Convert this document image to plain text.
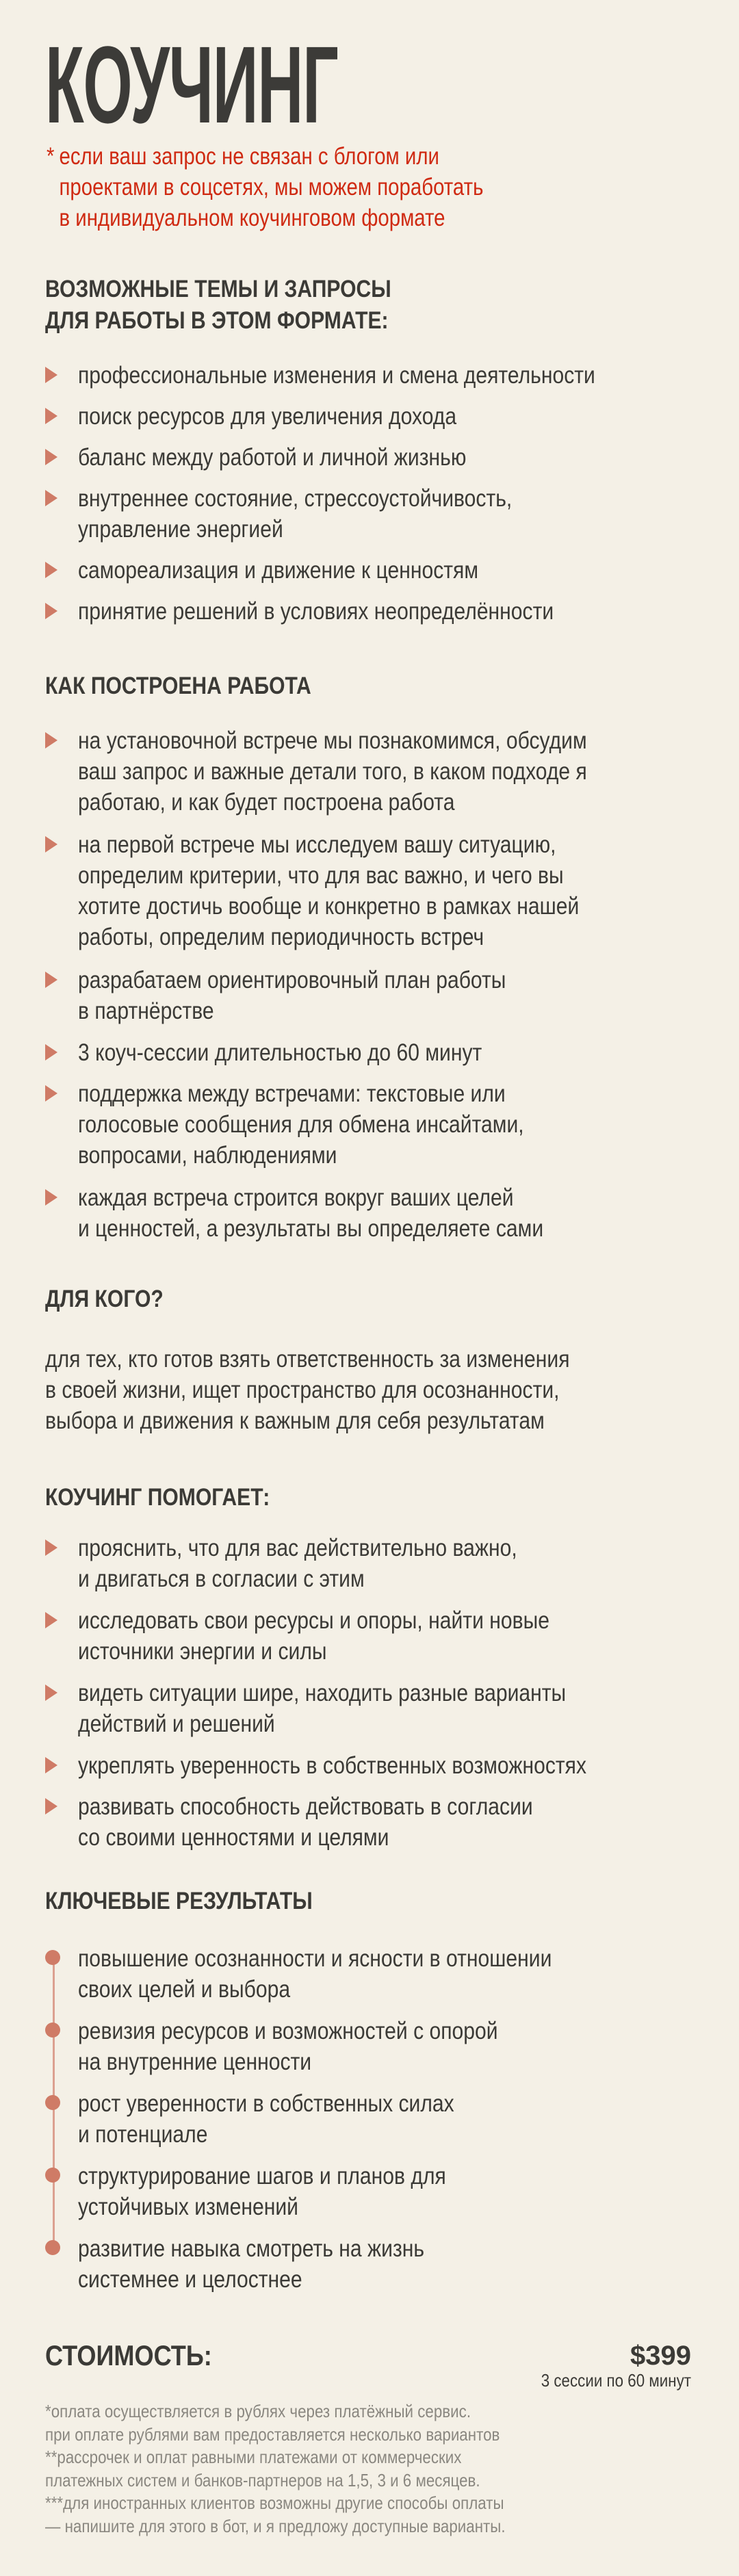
КОУЧИНГ
* если ваш запрос не связан с блогом или
проектами в соцсетях, мы можем поработать
в индивидуальном коучинговом формате
ВОЗМОЖНЫЕ ТЕМЫ И ЗАПРОСЫ
ДЛЯ РАБОТЫ В ЭТОМ ФОРМАТЕ:
профессиональные изменения и смена деятельности
поиск ресурсов для увеличения дохода
баланс между работой и личной жизнью
внутреннее состояние, стрессоустойчивость,
управление энергией
самореализация и движение к ценностям
принятие решений в условиях неопределённости
КАК ПОСТРОЕНА РАБОТА
на установочной встрече мы познакомимся, обсудим
ваш запрос и важные детали того, в каком подходе я
работаю, и как будет построена работа
на первой встрече мы исследуем вашу ситуацию,
определим критерии, что для вас важно, и чего вы
хотите достичь вообще и конкретно в рамках нашей
работы, определим периодичность встреч
разрабатаем ориентировочный план работы
в партнёрстве
3 коуч-сессии длительностью до 60 минут
поддержка между встречами: текстовые или
голосовые сообщения для обмена инсайтами,
вопросами, наблюдениями
каждая встреча строится вокруг ваших целей
и ценностей, а результаты вы определяете сами
ДЛЯ КОГО?
для тех, кто готов взять ответственность за изменения
в своей жизни, ищет пространство для осознанности,
выбора и движения к важным для себя результатам
КОУЧИНГ ПОМОГАЕТ:
прояснить, что для вас действительно важно,
и двигаться в согласии с этим
исследовать свои ресурсы и опоры, найти новые
источники энергии и силы
видеть ситуации шире, находить разные варианты
действий и решений
укреплять уверенность в собственных возможностях
развивать способность действовать в согласии
со своими ценностями и целями
КЛЮЧЕВЫЕ РЕЗУЛЬТАТЫ
повышение осознанности и ясности в отношении
своих целей и выбора
ревизия ресурсов и возможностей с опорой
на внутренние ценности
рост уверенности в собственных силах
и потенциале
структурирование шагов и планов для
устойчивых изменений
развитие навыка смотреть на жизнь
системнее и целостнее
СТОИМОСТЬ:	$399
3 сессии по 60 минут
*оплата осуществляется в рублях через платёжный сервис.
при оплате рублями вам предоставляется несколько вариантов
**рассрочек и оплат равными платежами от коммерческих
платежных систем и банков-партнеров на 1,5, 3 и 6 месяцев.
***для иностранных клиентов возможны другие способы оплаты
— напишите для этого в бот, и я предложу доступные варианты.
